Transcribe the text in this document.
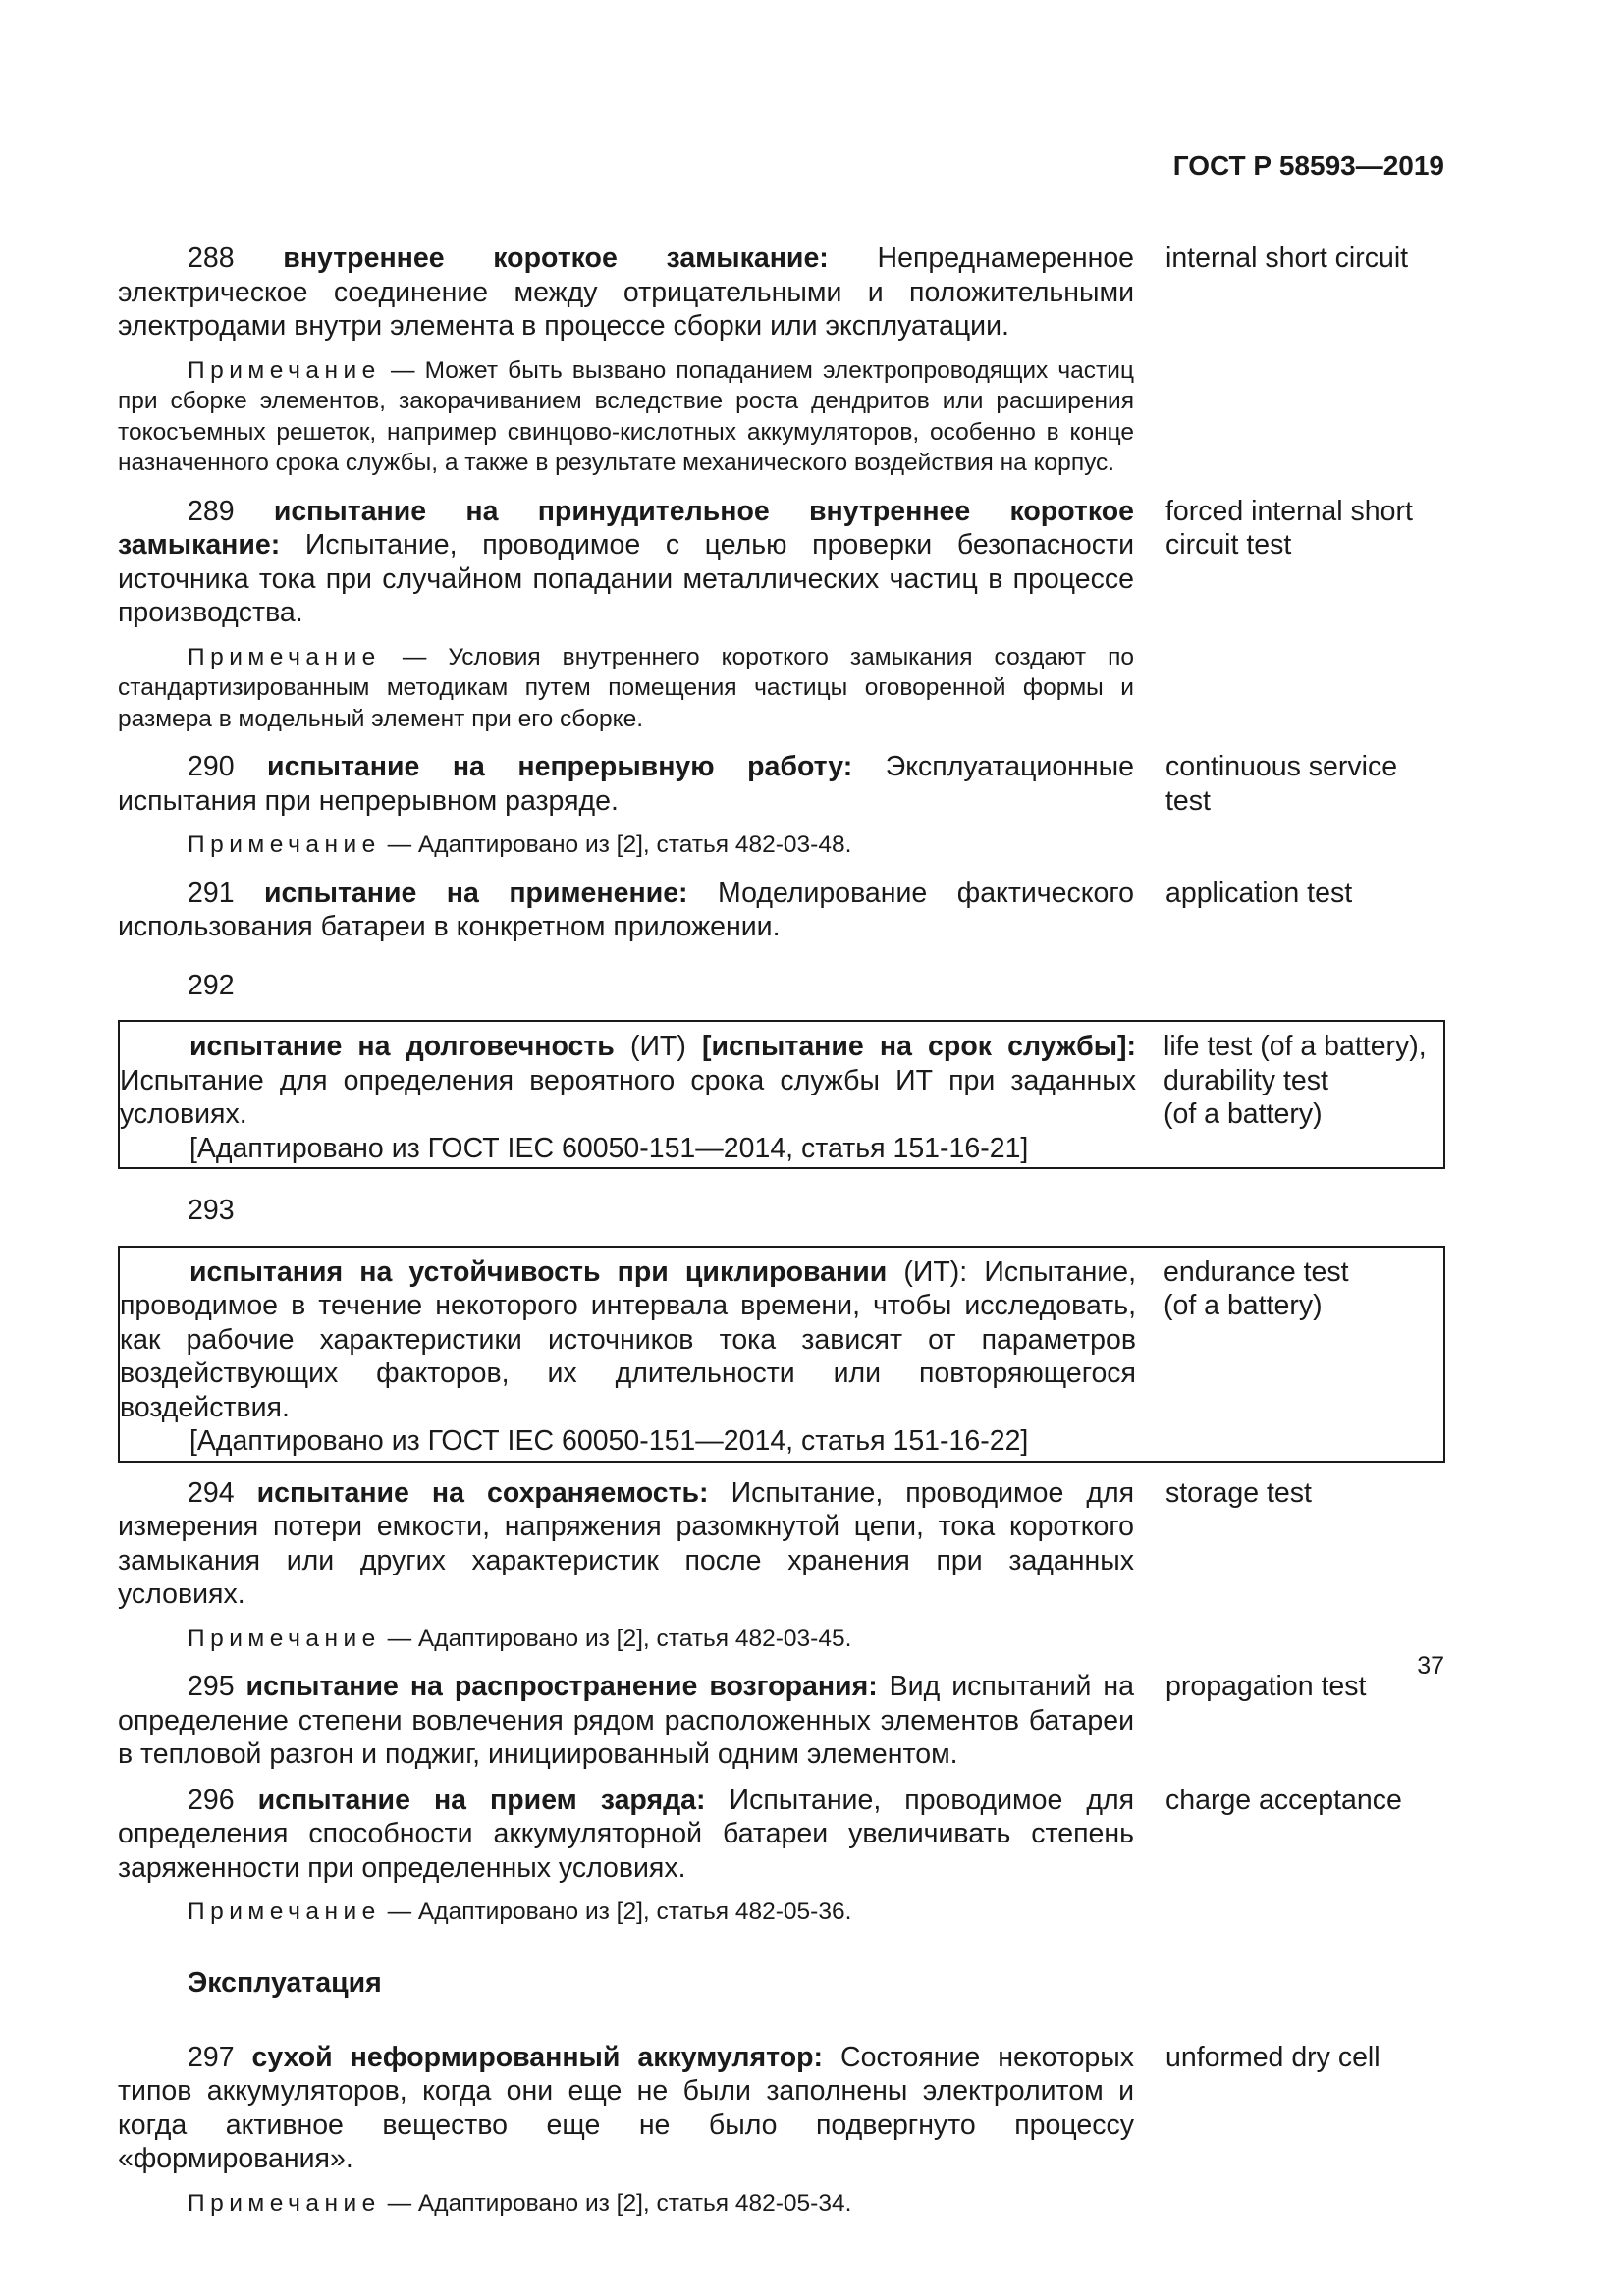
ГОСТ Р 58593—2019
288 внутреннее короткое замыкание: Непреднамеренное электрическое соединение между отрицательными и положительными электродами внутри элемента в процессе сборки или эксплуатации.
internal short circuit
Примечание — Может быть вызвано попаданием электропроводящих частиц при сборке элементов, закорачиванием вследствие роста дендритов или расширения токосъемных решеток, например свинцово-кислотных аккумуляторов, особенно в конце назначенного срока службы, а также в результате механического воздействия на корпус.
289 испытание на принудительное внутреннее короткое замыкание: Испытание, проводимое с целью проверки безопасности источника тока при случайном попадании металлических частиц в процессе производства.
forced internal short circuit test
Примечание — Условия внутреннего короткого замыкания создают по стандартизированным методикам путем помещения частицы оговоренной формы и размера в модельный элемент при его сборке.
290 испытание на непрерывную работу: Эксплуатационные испытания при непрерывном разряде.
continuous service test
Примечание — Адаптировано из [2], статья 482-03-48.
291 испытание на применение: Моделирование фактического использования батареи в конкретном приложении.
application test
292
испытание на долговечность (ИТ) [испытание на срок службы]: Испытание для определения вероятного срока службы ИТ при заданных условиях.
[Адаптировано из ГОСТ IEC 60050-151—2014, статья 151-16-21]
life test (of a battery),
durability test
(of a battery)
293
испытания на устойчивость при циклировании (ИТ): Испытание, проводимое в течение некоторого интервала времени, чтобы исследовать, как рабочие характеристики источников тока зависят от параметров воздействующих факторов, их длительности или повторяющегося воздействия.
[Адаптировано из ГОСТ IEC 60050-151—2014, статья 151-16-22]
endurance test
(of a battery)
294 испытание на сохраняемость: Испытание, проводимое для измерения потери емкости, напряжения разомкнутой цепи, тока короткого замыкания или других характеристик после хранения при заданных условиях.
storage test
Примечание — Адаптировано из [2], статья 482-03-45.
295 испытание на распространение возгорания: Вид испытаний на определение степени вовлечения рядом расположенных элементов батареи в тепловой разгон и поджиг, инициированный одним элементом.
propagation test
296 испытание на прием заряда: Испытание, проводимое для определения способности аккумуляторной батареи увеличивать степень заряженности при определенных условиях.
charge acceptance
Примечание — Адаптировано из [2], статья 482-05-36.
Эксплуатация
297 сухой неформированный аккумулятор: Состояние некоторых типов аккумуляторов, когда они еще не были заполнены электролитом и когда активное вещество еще не было подвергнуто процессу «формирования».
unformed dry cell
Примечание — Адаптировано из [2], статья 482-05-34.
37
